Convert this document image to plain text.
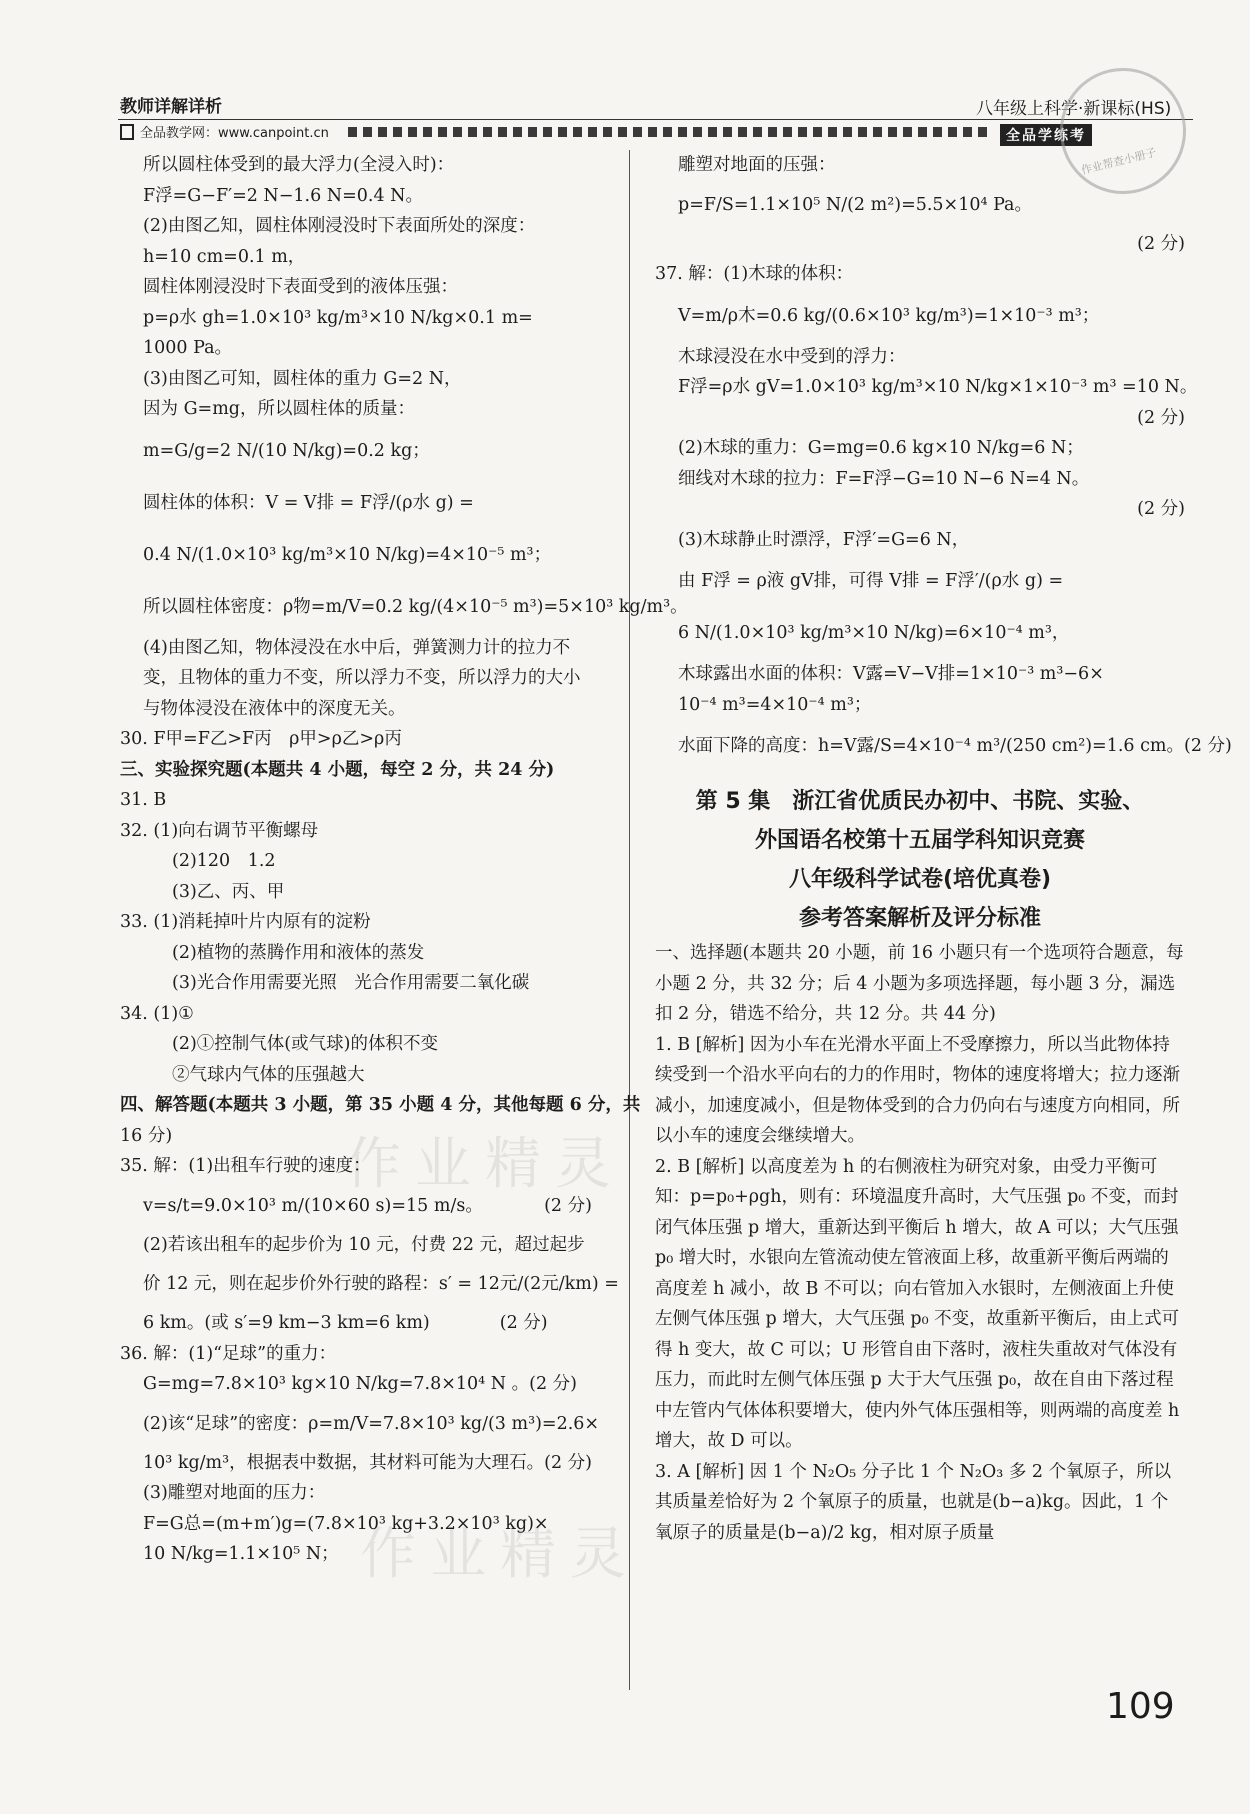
教师详解详析
全品教学网：www.canpoint.cn
八年级上科学·新课标(HS)
全品学练考
作业帮查小册子

所以圆柱体受到的最大浮力(全浸入时)：

F浮=G−F′=2 N−1.6 N=0.4 N。

(2)由图乙知，圆柱体刚浸没时下表面所处的深度：

h=10 cm=0.1 m，

圆柱体刚浸没时下表面受到的液体压强：

p=ρ水 gh=1.0×10³ kg/m³×10 N/kg×0.1 m=

1000 Pa。

(3)由图乙可知，圆柱体的重力 G=2 N，

因为 G=mg，所以圆柱体的质量：

m=G/g=2 N/(10 N/kg)=0.2 kg；

圆柱体的体积：V = V排 = F浮/(ρ水 g) =

0.4 N/(1.0×10³ kg/m³×10 N/kg)=4×10⁻⁵ m³；

所以圆柱体密度：ρ物=m/V=0.2 kg/(4×10⁻⁵ m³)=5×10³ kg/m³。

(4)由图乙知，物体浸没在水中后，弹簧测力计的拉力不

变，且物体的重力不变，所以浮力不变，所以浮力的大小

与物体浸没在液体中的深度无关。

30. F甲=F乙>F丙　ρ甲>ρ乙>ρ丙

三、实验探究题(本题共 4 小题，每空 2 分，共 24 分)

31. B

32. (1)向右调节平衡螺母

(2)120　1.2

(3)乙、丙、甲

33. (1)消耗掉叶片内原有的淀粉

(2)植物的蒸腾作用和液体的蒸发

(3)光合作用需要光照　光合作用需要二氧化碳

34. (1)①

(2)①控制气体(或气球)的体积不变

②气球内气体的压强越大

四、解答题(本题共 3 小题，第 35 小题 4 分，其他每题 6 分，共

16 分)

35. 解：(1)出租车行驶的速度：

v=s/t=9.0×10³ m/(10×60 s)=15 m/s。　　　　(2 分)

(2)若该出租车的起步价为 10 元，付费 22 元，超过起步

价 12 元，则在起步价外行驶的路程：s′ = 12元/(2元/km) =

6 km。(或 s′=9 km−3 km=6 km)　　　　(2 分)

36. 解：(1)“足球”的重力：

G=mg=7.8×10³ kg×10 N/kg=7.8×10⁴ N 。(2 分)

(2)该“足球”的密度：ρ=m/V=7.8×10³ kg/(3 m³)=2.6×

10³ kg/m³，根据表中数据，其材料可能为大理石。(2 分)

(3)雕塑对地面的压力：

F=G总=(m+m′)g=(7.8×10³ kg+3.2×10³ kg)×

10 N/kg=1.1×10⁵ N；

雕塑对地面的压强：

p=F/S=1.1×10⁵ N/(2 m²)=5.5×10⁴ Pa。

(2 分)

37. 解：(1)木球的体积：

V=m/ρ木=0.6 kg/(0.6×10³ kg/m³)=1×10⁻³ m³；

木球浸没在水中受到的浮力：

F浮=ρ水 gV=1.0×10³ kg/m³×10 N/kg×1×10⁻³ m³ =10 N。

(2 分)

(2)木球的重力：G=mg=0.6 kg×10 N/kg=6 N；

细线对木球的拉力：F=F浮−G=10 N−6 N=4 N。

(2 分)

(3)木球静止时漂浮，F浮′=G=6 N，

由 F浮 = ρ液 gV排，可得 V排 = F浮′/(ρ水 g) =

6 N/(1.0×10³ kg/m³×10 N/kg)=6×10⁻⁴ m³，

木球露出水面的体积：V露=V−V排=1×10⁻³ m³−6×

10⁻⁴ m³=4×10⁻⁴ m³；

水面下降的高度：h=V露/S=4×10⁻⁴ m³/(250 cm²)=1.6 cm。(2 分)

第 5 集　浙江省优质民办初中、书院、实验、
外国语名校第十五届学科知识竞赛
八年级科学试卷(培优真卷)
参考答案解析及评分标准

一、选择题(本题共 20 小题，前 16 小题只有一个选项符合题意，每小题 2 分，共 32 分；后 4 小题为多项选择题，每小题 3 分，漏选扣 2 分，错选不给分，共 12 分。共 44 分)

1. B [解析] 因为小车在光滑水平面上不受摩擦力，所以当此物体持续受到一个沿水平向右的力的作用时，物体的速度将增大；拉力逐渐减小，加速度减小，但是物体受到的合力仍向右与速度方向相同，所以小车的速度会继续增大。

2. B [解析] 以高度差为 h 的右侧液柱为研究对象，由受力平衡可知：p=p₀+ρgh，则有：环境温度升高时，大气压强 p₀ 不变，而封闭气体压强 p 增大，重新达到平衡后 h 增大，故 A 可以；大气压强 p₀ 增大时，水银向左管流动使左管液面上移，故重新平衡后两端的高度差 h 减小，故 B 不可以；向右管加入水银时，左侧液面上升使左侧气体压强 p 增大，大气压强 p₀ 不变，故重新平衡后，由上式可得 h 变大，故 C 可以；U 形管自由下落时，液柱失重故对气体没有压力，而此时左侧气体压强 p 大于大气压强 p₀，故在自由下落过程中左管内气体体积要增大，使内外气体压强相等，则两端的高度差 h 增大，故 D 可以。

3. A [解析] 因 1 个 N₂O₅ 分子比 1 个 N₂O₃ 多 2 个氧原子，所以其质量差恰好为 2 个氧原子的质量，也就是(b−a)kg。因此，1 个氧原子的质量是(b−a)/2 kg，相对原子质量

作业精灵
作业精灵
109
